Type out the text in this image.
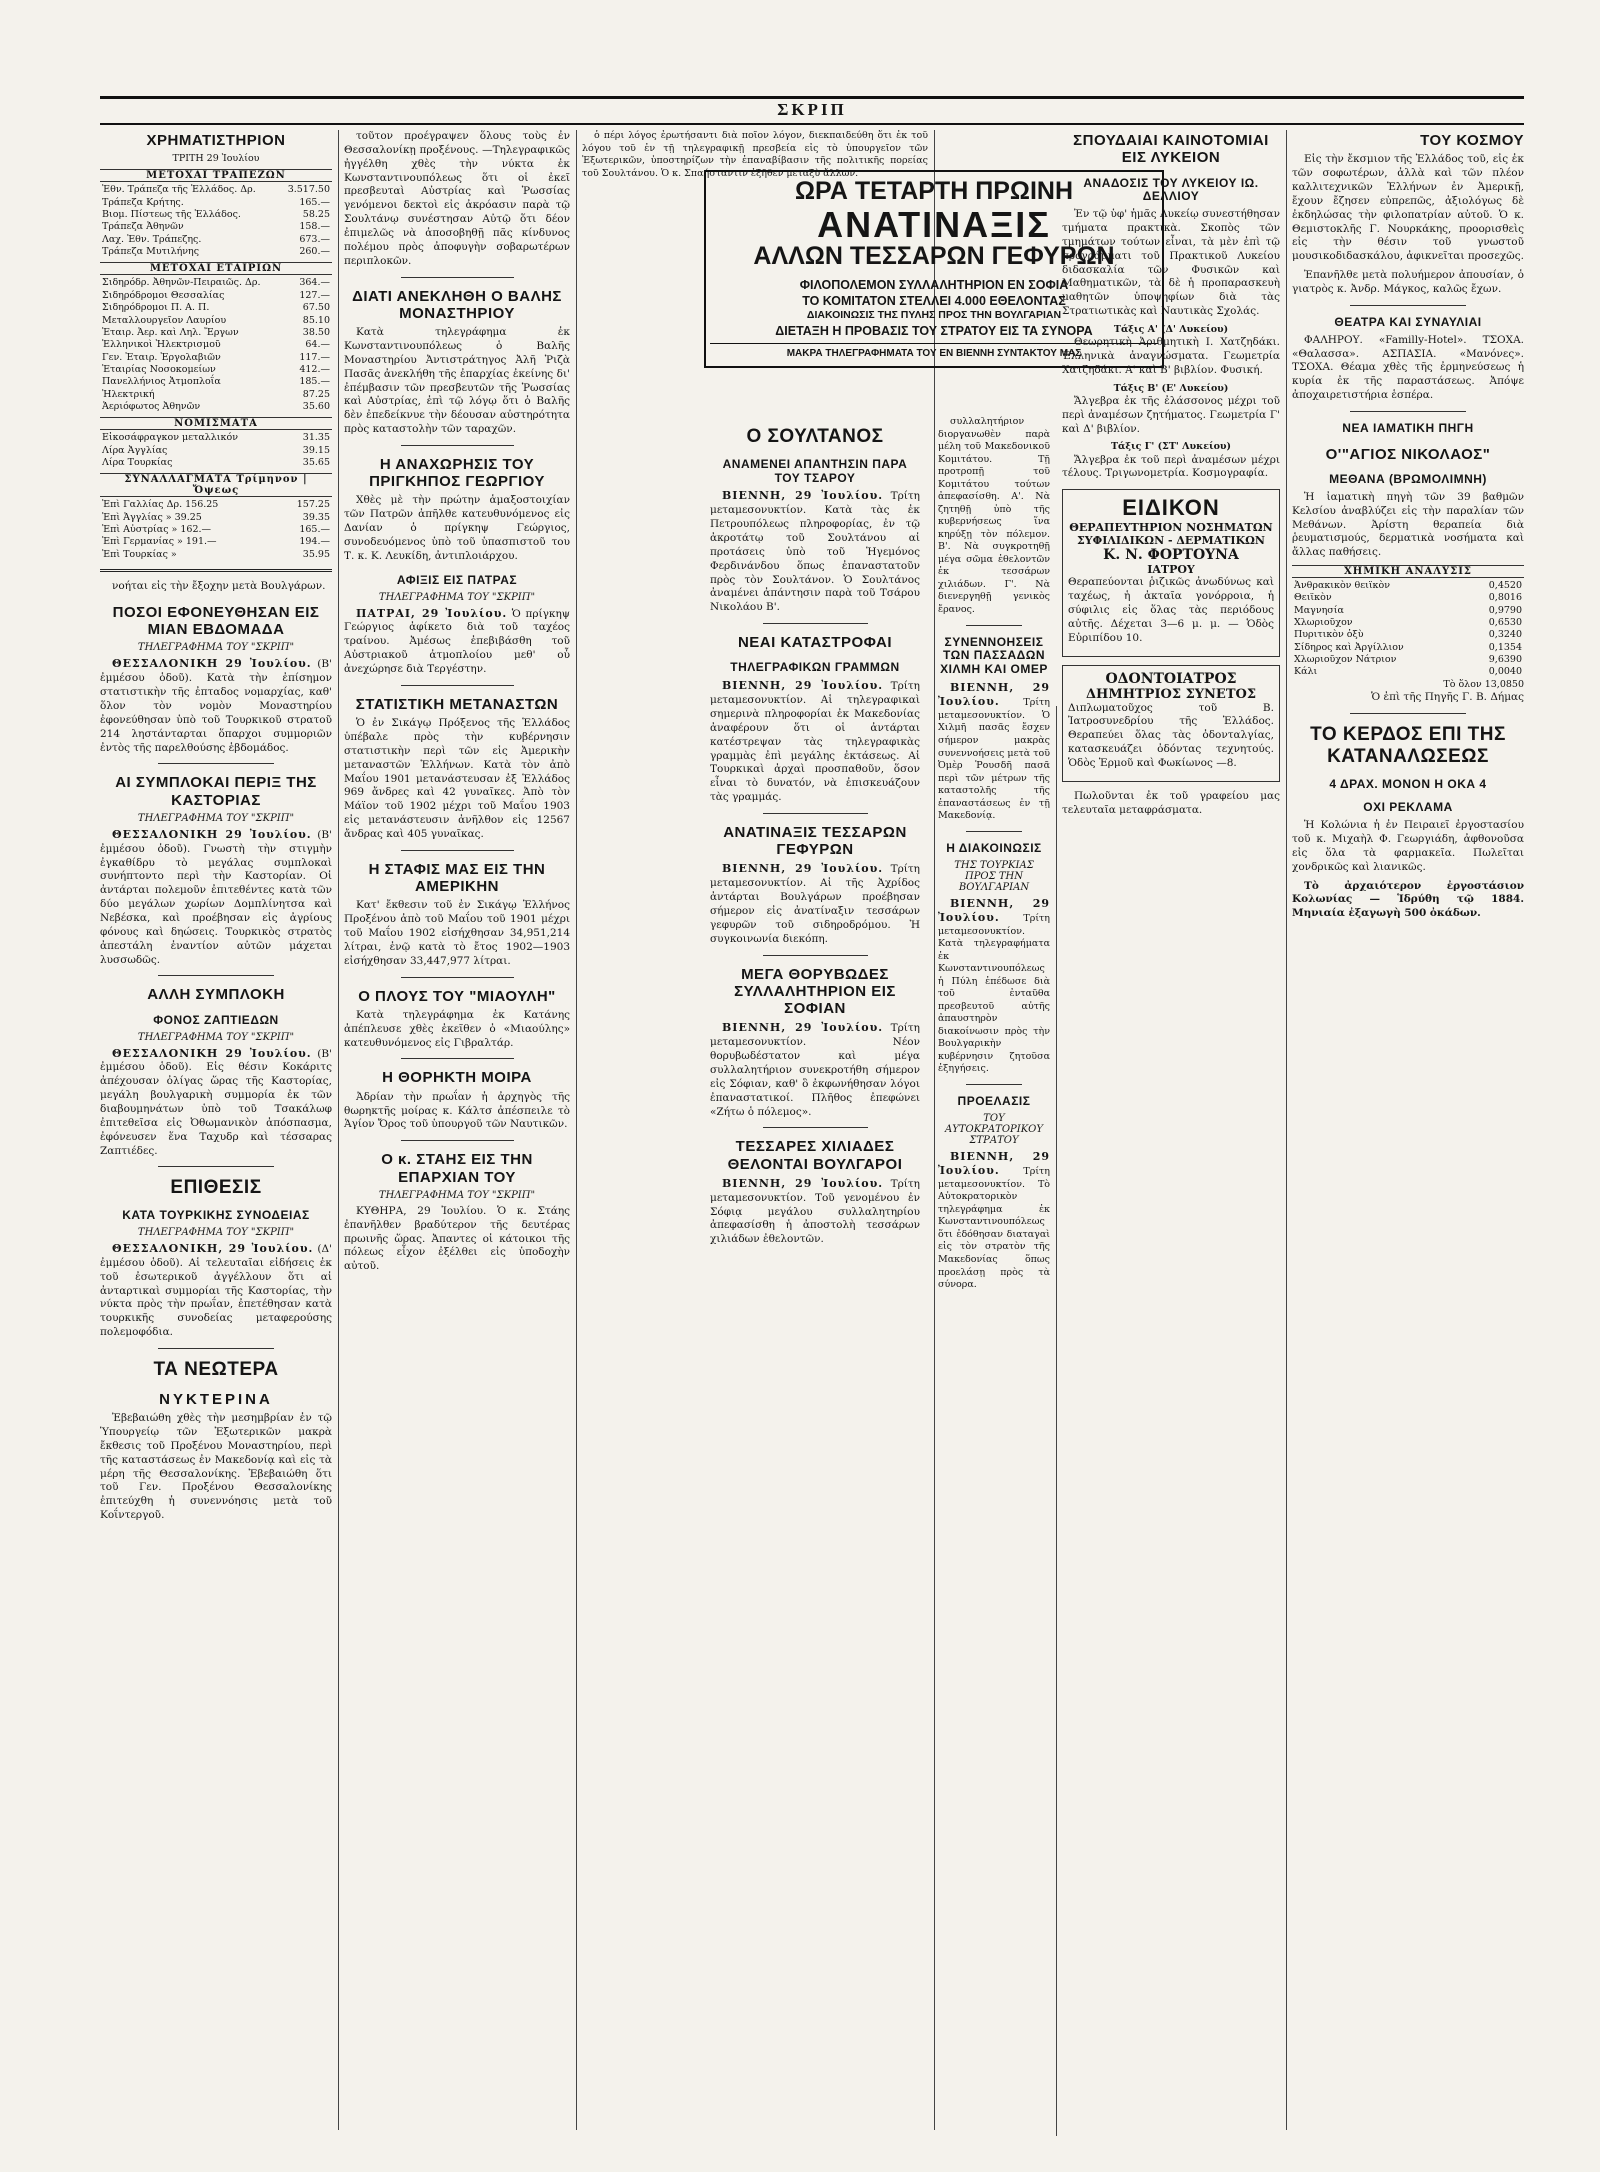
ΣΚΡΙΠ
ΧΡΗΜΑΤΙΣΤΗΡΙΟΝ
ΤΡΙΤΗ 29 Ἰουλίου
ΜΕΤΟΧΑΙ ΤΡΑΠΕΖΩΝ
Ἐθν. Τράπεζα τῆς Ἑλλάδος. Δρ.	3.517.50
Τράπεζα Κρήτης.	165.—
Βιομ. Πίστεως τῆς Ἑλλάδος.	58.25
Τράπεζα Ἀθηνῶν	158.—
Λαχ. Ἐθν. Τράπεζης.	673.—
Τράπεζα Μυτιλήνης	260.—
ΜΕΤΟΧΑΙ ΕΤΑΙΡΙΩΝ
Σιδηρόδρ. Ἀθηνῶν-Πειραιῶς. Δρ.	364.—
Σιδηρόδρομοι Θεσσαλίας	127.—
Σιδηρόδρομοι Π. Α. Π.	67.50
Μεταλλουργεῖον Λαυρίου	85.10
Ἐταιρ. Ἀερ. καὶ Ληλ. Ἔργων	38.50
Ἑλληνικοὶ Ἠλεκτρισμοῦ	64.—
Γεν. Ἐταιρ. Ἐργολαβιῶν	117.—
Ἐταιρίας Νοσοκομείων	412.—
Πανελλήνιος Ἀτμοπλοΐα	185.—
Ἠλεκτρική	87.25
Ἀεριόφωτος Ἀθηνῶν	35.60
ΝΟΜΙΣΜΑΤΑ
Εἰκοσάφραγκον μεταλλικόν	31.35
Λίρα Ἀγγλίας	39.15
Λίρα Τουρκίας	35.65
ΣΥΝΑΛΛΑΓΜΑΤΑ Τρίμηνον | Ὄψεως
Ἐπὶ Γαλλίας Δρ. 156.25	157.25
Ἐπὶ Ἀγγλίας » 39.25	39.35
Ἐπὶ Αὐστρίας » 162.—	165.—
Ἐπὶ Γερμανίας » 191.—	194.—
Ἐπὶ Τουρκίας »	35.95

νοήται εἰς τὴν ἔξοχην μετὰ Βουλγάρων.

ΠΟΣΟΙ ΕΦΟΝΕΥΘΗΣΑΝ ΕΙΣ ΜΙΑΝ ΕΒΔΟΜΑΔΑ
ΤΗΛΕΓΡΑΦΗΜΑ ΤΟΥ "ΣΚΡΙΠ"

ΘΕΣΣΑΛΟΝΙΚΗ 29 Ἰουλίου. (Β' ἐμμέσου ὁδοῦ). Κατὰ τὴν ἐπίσημον στατιστικὴν τῆς ἐπταδος νομαρχίας, καθ' ὅλον τὸν νομὸν Μοναστηρίου ἐφονεύθησαν ὑπὸ τοῦ Τουρκικοῦ στρατοῦ 214 ληστάνταρται ὅπαρχοι συμμοριῶν ἐντὸς τῆς παρελθούσης ἑβδομάδος.

ΑΙ ΣΥΜΠΛΟΚΑΙ ΠΕΡΙΞ ΤΗΣ ΚΑΣΤΟΡΙΑΣ
ΤΗΛΕΓΡΑΦΗΜΑ ΤΟΥ "ΣΚΡΙΠ"

ΘΕΣΣΑΛΟΝΙΚΗ 29 Ἰουλίου. (Β' ἐμμέσου ὁδοῦ). Γνωστὴ τὴν στιγμὴν ἐγκαθίδρυ τὸ μεγάλας συμπλοκαὶ συνήπτοντο περὶ τὴν Καστορίαν. Οἱ ἀντάρται πολεμοῦν ἐπιτεθέντες κατὰ τῶν δύο μεγάλων χωρίων Δομπλίνητσα καὶ Νεβέσκα, καὶ προέβησαν εἰς ἀγρίους φόνους καὶ δηώσεις. Τουρκικὸς στρατὸς ἀπεστάλη ἐναντίον αὐτῶν μάχεται λυσσωδῶς.

ΑΛΛΗ ΣΥΜΠΛΟΚΗ
ΦΟΝΟΣ ΖΑΠΤΙΕΔΩΝ
ΤΗΛΕΓΡΑΦΗΜΑ ΤΟΥ "ΣΚΡΙΠ"

ΘΕΣΣΑΛΟΝΙΚΗ 29 Ἰουλίου. (Β' ἐμμέσου ὁδοῦ). Εἰς θέσιν Κοκάριτς ἀπέχουσαν ὀλίγας ὥρας τῆς Καστορίας, μεγάλη βουλγαρικὴ συμμορία ἐκ τῶν διαβουμηνάτων ὑπὸ τοῦ Τσακάλωφ ἐπιτεθεῖσα εἰς Ὀθωμανικὸν ἀπόσπασμα, ἐφόνευσεν ἕνα Ταχυδρ καὶ τέσσαρας Ζαπτιέδες.

ΕΠΙΘΕΣΙΣ
ΚΑΤΑ ΤΟΥΡΚΙΚΗΣ ΣΥΝΟΔΕΙΑΣ
ΤΗΛΕΓΡΑΦΗΜΑ ΤΟΥ "ΣΚΡΙΠ"

ΘΕΣΣΑΛΟΝΙΚΗ, 29 Ἰουλίου. (Δ' ἐμμέσου ὁδοῦ). Αἱ τελευταῖαι εἰδήσεις ἐκ τοῦ ἐσωτερικοῦ ἀγγέλλουν ὅτι αἱ ἀνταρτικαὶ συμμορίαι τῆς Καστορίας, τὴν νύκτα πρὸς τὴν πρωΐαν, ἐπετέθησαν κατὰ τουρκικῆς συνοδείας μεταφερούσης πολεμοφόδια.

ΤΑ ΝΕΩΤΕΡΑ
ΝΥΚΤΕΡΙΝΑ

Ἐβεβαιώθη χθὲς τὴν μεσημβρίαν ἐν τῷ Ὑπουργείῳ τῶν Ἐξωτερικῶν μακρὰ ἔκθεσις τοῦ Προξένου Μοναστηρίου, περὶ τῆς καταστάσεως ἐν Μακεδονίᾳ καὶ εἰς τὰ μέρη τῆς Θεσσαλονίκης. Ἐβεβαιώθη ὅτι τοῦ Γεν. Προξένου Θεσσαλονίκης ἐπιτεύχθη ἡ συνεννόησις μετὰ τοῦ Κοΐντεργοῦ.

τοῦτον προέγραψεν ὅλους τοὺς ἐν Θεσσαλονίκῃ προξένους. —Τηλεγραφικῶς ἠγγέλθη χθὲς τὴν νύκτα ἐκ Κωνσταντινουπόλεως ὅτι οἱ ἐκεῖ πρεσβευταὶ Αὐστρίας καὶ Ῥωσσίας γενόμενοι δεκτοὶ εἰς ἀκρόασιν παρὰ τῷ Σουλτάνῳ συνέστησαν Αὐτῷ ὅτι δέον ἐπιμελῶς νὰ ἀποσοβηθῇ πᾶς κίνδυνος πολέμου πρὸς ἀποφυγὴν σοβαρωτέρων περιπλοκῶν.

ΔΙΑΤΙ ΑΝΕΚΛΗΘΗ Ο ΒΑΛΗΣ ΜΟΝΑΣΤΗΡΙΟΥ

Κατὰ τηλεγράφημα ἐκ Κωνσταντινουπόλεως ὁ Βαλῆς Μοναστηρίου Ἀντιστράτηγος Ἀλῆ Ῥιζὰ Πασᾶς ἀνεκλήθη τῆς ἐπαρχίας ἐκείνης δι' ἐπέμβασιν τῶν πρεσβευτῶν τῆς Ῥωσσίας καὶ Αὐστρίας, ἐπὶ τῷ λόγῳ ὅτι ὁ Βαλῆς δὲν ἐπεδείκνυε τὴν δέουσαν αὐστηρότητα πρὸς καταστολὴν τῶν ταραχῶν.

Η ΑΝΑΧΩΡΗΣΙΣ ΤΟΥ ΠΡΙΓΚΗΠΟΣ ΓΕΩΡΓΙΟΥ

Χθὲς μὲ τὴν πρώτην ἁμαξοστοιχίαν τῶν Πατρῶν ἀπῆλθε κατευθυνόμενος εἰς Δανίαν ὁ πρίγκηψ Γεώργιος, συνοδευόμενος ὑπὸ τοῦ ὑπασπιστοῦ του Τ. κ. Κ. Λευκίδη, ἀντιπλοιάρχου.

ΑΦΙΞΙΣ ΕΙΣ ΠΑΤΡΑΣ
ΤΗΛΕΓΡΑΦΗΜΑ ΤΟΥ "ΣΚΡΙΠ"

ΠΑΤΡΑΙ, 29 Ἰουλίου. Ὁ πρίγκηψ Γεώργιος ἀφίκετο διὰ τοῦ ταχέος τραίνου. Ἀμέσως ἐπεβιβάσθη τοῦ Αὐστριακοῦ ἀτμοπλοίου μεθ' οὗ ἀνεχώρησε διὰ Τεργέστην.

ΣΤΑΤΙΣΤΙΚΗ ΜΕΤΑΝΑΣΤΩΝ

Ὁ ἐν Σικάγῳ Πρόξενος τῆς Ἑλλάδος ὑπέβαλε πρὸς τὴν κυβέρνησιν στατιστικὴν περὶ τῶν εἰς Ἀμερικὴν μεταναστῶν Ἑλλήνων. Κατὰ τὸν ἀπὸ Μαΐου 1901 μετανάστευσαν ἐξ Ἑλλάδος 969 ἄνδρες καὶ 42 γυναῖκες. Ἀπὸ τὸν Μάϊον τοῦ 1902 μέχρι τοῦ Μαΐου 1903 εἰς μετανάστευσιν ἀνῆλθον εἰς 12567 ἄνδρας καὶ 405 γυναῖκας.

Η ΣΤΑΦΙΣ ΜΑΣ ΕΙΣ ΤΗΝ ΑΜΕΡΙΚΗΝ

Κατ' ἔκθεσιν τοῦ ἐν Σικάγῳ Ἑλλήνος Προξένου ἀπὸ τοῦ Μαΐου τοῦ 1901 μέχρι τοῦ Μαΐου 1902 εἰσήχθησαν 34,951,214 λίτραι, ἐνῷ κατὰ τὸ ἔτος 1902—1903 εἰσήχθησαν 33,447,977 λίτραι.

Ο ΠΛΟΥΣ ΤΟΥ "ΜΙΑΟΥΛΗ"

Κατὰ τηλεγράφημα ἐκ Κατάνης ἀπέπλευσε χθὲς ἐκεῖθεν ὁ «Μιαούλης» κατευθυνόμενος εἰς Γιβραλτάρ.

Η ΘΟΡΗΚΤΗ ΜΟΙΡΑ

Ἀδρίαν τὴν πρωΐαν ἡ ἀρχηγὸς τῆς θωρηκτῆς μοίρας κ. Κάλτσ ἀπέσπειλε τὸ Ἁγίον Ὄρος τοῦ ὑπουργοῦ τῶν Ναυτικῶν.

Ο κ. ΣΤΑΗΣ ΕΙΣ ΤΗΝ ΕΠΑΡΧΙΑΝ ΤΟΥ
ΤΗΛΕΓΡΑΦΗΜΑ ΤΟΥ "ΣΚΡΙΠ"

ΚΥΘΗΡΑ, 29 Ἰουλίου. Ὁ κ. Στάης ἐπανῆλθεν βραδύτερον τῆς δευτέρας πρωινῆς ὥρας. Ἀπαντες οἱ κάτοικοι τῆς πόλεως εἶχον ἐξέλθει εἰς ὑποδοχὴν αὐτοῦ.

ὁ πέρι λόγος ἐρωτήσαντι διὰ ποῖον λόγον, διεκπαιδεύθη ὅτι ἐκ τοῦ λόγου τοῦ ἐν τῇ τηλεγραφικῇ πρεσβεία εἰς τὸ ὑπουργεῖον τῶν Ἐξωτερικῶν, ὑποστηρίζων τὴν ἐπαναβίβασιν τῆς πολιτικῆς πορείας τοῦ Σουλτάνου. Ὁ κ. Σπαήσταντιν ἐξῆθεν μεταξὺ ἄλλων.

ΩΡΑ ΤΕΤΑΡΤΗ ΠΡΩΙΝΗ
ΑΝΑΤΙΝΑΞΙΣ
ΑΛΛΩΝ ΤΕΣΣΑΡΩΝ ΓΕΦΥΡΩΝ
ΦΙΛΟΠΟΛΕΜΟΝ ΣΥΛΛΑΛΗΤΗΡΙΟΝ ΕΝ ΣΟΦΙΑ
ΤΟ ΚΟΜΙΤΑΤΟΝ ΣΤΕΛΛΕΙ 4.000 ΕΘΕΛΟΝΤΑΣ
ΔΙΑΚΟΙΝΩΣΙΣ ΤΗΣ ΠΥΛΗΣ ΠΡΟΣ ΤΗΝ ΒΟΥΛΓΑΡΙΑΝ
ΔΙΕΤΑΞΗ Η ΠΡΟΒΑΣΙΣ ΤΟΥ ΣΤΡΑΤΟΥ ΕΙΣ ΤΑ ΣΥΝΟΡΑ
ΜΑΚΡΑ ΤΗΛΕΓΡΑΦΗΜΑΤΑ ΤΟΥ ΕΝ ΒΙΕΝΝΗ ΣΥΝΤΑΚΤΟΥ ΜΑΣ
Ο ΣΟΥΛΤΑΝΟΣ
ΑΝΑΜΕΝΕΙ ΑΠΑΝΤΗΣΙΝ ΠΑΡΑ ΤΟΥ ΤΣΑΡΟΥ

ΒΙΕΝΝΗ, 29 Ἰουλίου. Τρίτη μεταμεσονυκτίον. Κατὰ τὰς ἐκ Πετρουπόλεως πληροφορίας, ἐν τῷ ἀκροτάτῳ τοῦ Σουλτάνου αἱ προτάσεις ὑπὸ τοῦ Ἡγεμόνος Φερδινάνδου ὅπως ἐπαναστατοῦν πρὸς τὸν Σουλτάνον. Ὁ Σουλτάνος ἀναμένει ἀπάντησιν παρὰ τοῦ Τσάρου Νικολάου Β'.

ΝΕΑΙ ΚΑΤΑΣΤΡΟΦΑΙ
ΤΗΛΕΓΡΑΦΙΚΩΝ ΓΡΑΜΜΩΝ

ΒΙΕΝΝΗ, 29 Ἰουλίου. Τρίτη μεταμεσονυκτίον. Αἱ τηλεγραφικαὶ σημερινὰ πληροφορίαι ἐκ Μακεδονίας ἀναφέρουν ὅτι οἱ ἀντάρται κατέστρεψαν τὰς τηλεγραφικὰς γραμμὰς ἐπὶ μεγάλης ἐκτάσεως. Αἱ Τουρκικαὶ ἀρχαὶ προσπαθοῦν, ὅσον εἶναι τὸ δυνατόν, νὰ ἐπισκευάζουν τὰς γραμμάς.

ΑΝΑΤΙΝΑΞΙΣ ΤΕΣΣΑΡΩΝ ΓΕΦΥΡΩΝ

ΒΙΕΝΝΗ, 29 Ἰουλίου. Τρίτη μεταμεσονυκτίον. Αἱ τῆς Ἀχρίδος ἀντάρται Βουλγάρων προέβησαν σήμερον εἰς ἀνατίναξιν τεσσάρων γεφυρῶν τοῦ σιδηροδρόμου. Ἡ συγκοινωνία διεκόπη.

ΜΕΓΑ ΘΟΡΥΒΩΔΕΣ ΣΥΛΛΑΛΗΤΗΡΙΟΝ ΕΙΣ ΣΟΦΙΑΝ

ΒΙΕΝΝΗ, 29 Ἰουλίου. Τρίτη μεταμεσονυκτίον. Νέον θορυβωδέστατον καὶ μέγα συλλαλητήριον συνεκροτήθη σήμερον εἰς Σόφιαν, καθ' ὃ ἐκφωνήθησαν λόγοι ἐπαναστατικοί. Πλῆθος ἐπεφώνει «Ζήτω ὁ πόλεμος».

ΤΕΣΣΑΡΕΣ ΧΙΛΙΑΔΕΣ ΘΕΛΟΝΤΑΙ ΒΟΥΛΓΑΡΟΙ

ΒΙΕΝΝΗ, 29 Ἰουλίου. Τρίτη μεταμεσονυκτίον. Τοῦ γενομένου ἐν Σόφιᾳ μεγάλου συλλαλητηρίου ἀπεφασίσθη ἡ ἀποστολὴ τεσσάρων χιλιάδων ἐθελοντῶν.

συλλαλητήριον διοργανωθὲν παρὰ μέλη τοῦ Μακεδονικοῦ Κομιτάτου. Τῇ προτροπῇ τοῦ Κομιτάτου τούτων ἀπεφασίσθη. Α'. Νὰ ζητηθῇ ὑπὸ τῆς κυβερνήσεως ἵνα κηρύξῃ τὸν πόλεμον. Β'. Νὰ συγκροτηθῇ μέγα σῶμα ἐθελοντῶν ἐκ τεσσάρων χιλιάδων. Γ'. Νὰ διενεργηθῇ γενικὸς ἔρανος.

ΣΥΝΕΝΝΟΗΣΕΙΣ ΤΩΝ ΠΑΣΣΑΔΩΝ ΧΙΛΜΗ ΚΑΙ ΟΜΕΡ

ΒΙΕΝΝΗ, 29 Ἰουλίου. Τρίτη μεταμεσονυκτίον. Ὁ Χιλμῆ πασᾶς ἔσχεν σήμερον μακρὰς συνεννοήσεις μετὰ τοῦ Ὀμὲρ Ῥουσδῆ πασᾶ περὶ τῶν μέτρων τῆς καταστολῆς τῆς ἐπαναστάσεως ἐν τῇ Μακεδονίᾳ.

Η ΔΙΑΚΟΙΝΩΣΙΣ
ΤΗΣ ΤΟΥΡΚΙΑΣ ΠΡΟΣ ΤΗΝ ΒΟΥΛΓΑΡΙΑΝ

ΒΙΕΝΝΗ, 29 Ἰουλίου. Τρίτη μεταμεσονυκτίον. Κατὰ τηλεγραφήματα ἐκ Κωνσταντινουπόλεως ἡ Πύλη ἐπέδωσε διὰ τοῦ ἐνταῦθα πρεσβευτοῦ αὐτῆς ἀπαυστηρὸν διακοίνωσιν πρὸς τὴν Βουλγαρικὴν κυβέρνησιν ζητοῦσα ἐξηγήσεις.

ΠΡΟΕΛΑΣΙΣ
ΤΟΥ ΑΥΤΟΚΡΑΤΟΡΙΚΟΥ ΣΤΡΑΤΟΥ

ΒΙΕΝΝΗ, 29 Ἰουλίου. Τρίτη μεταμεσονυκτίον. Τὸ Αὐτοκρατορικὸν τηλεγράφημα ἐκ Κωνσταντινουπόλεως ὅτι ἐδόθησαν διαταγαὶ εἰς τὸν στρατὸν τῆς Μακεδονίας ὅπως προελάσῃ πρὸς τὰ σύνορα.

ΣΠΟΥΔΑΙΑΙ ΚΑΙΝΟΤΟΜΙΑΙ ΕΙΣ ΛΥΚΕΙΟΝ
ΑΝΑΔΟΣΙΣ ΤΟΥ ΛΥΚΕΙΟΥ ΙΩ. ΔΕΛΛΙΟΥ

Ἐν τῷ ὑφ' ἡμᾶς Λυκείῳ συνεστήθησαν τμήματα πρακτικὰ. Σκοπὸς τῶν τμημάτων τούτων εἶναι, τὰ μὲν ἐπὶ τῷ προγράμματι τοῦ Πρακτικοῦ Λυκείου διδασκαλία τῶν Φυσικῶν καὶ Μαθηματικῶν, τὰ δὲ ἡ προπαρασκευὴ μαθητῶν ὑποψηφίων διὰ τὰς Στρατιωτικὰς καὶ Ναυτικὰς Σχολάς.

Τάξις Α' (Δ' Λυκείου)

Θεωρητικὴ Ἀριθμητικὴ Ι. Χατζηδάκι. Ἑλληνικὰ ἀναγνώσματα. Γεωμετρία Χατζηδάκι. Α' καὶ Β' βιβλίον. Φυσική.

Τάξις Β' (Ε' Λυκείου)

Ἄλγεβρα ἐκ τῆς ἐλάσσονος μέχρι τοῦ περὶ ἀναμέσων ζητήματος. Γεωμετρία Γ' καὶ Δ' βιβλίον.

Τάξις Γ' (ΣΤ' Λυκείου)

Ἄλγεβρα ἐκ τοῦ περὶ ἀναμέσων μέχρι τέλους. Τριγωνομετρία. Κοσμογραφία.

ΕΙΔΙΚΟΝ
ΘΕΡΑΠΕΥΤΗΡΙΟΝ ΝΟΣΗΜΑΤΩΝ
ΣΥΦΙΛΙΔΙΚΩΝ - ΔΕΡΜΑΤΙΚΩΝ
Κ. Ν. ΦΟΡΤΟΥΝΑ
ΙΑΤΡΟΥ

Θεραπεύονται ῥιζικῶς ἀνωδύνως καὶ ταχέως, ἡ ἀκταῖα γονόρροια, ἡ σύφιλις εἰς ὅλας τὰς περιόδους αὐτῆς. Δέχεται 3—6 μ. μ. — Ὁδὸς Εὐριπίδου 10.

ΟΔΟΝΤΟΙΑΤΡΟΣ
ΔΗΜΗΤΡΙΟΣ ΣΥΝΕΤΟΣ

Διπλωματοῦχος τοῦ Β. Ἰατροσυνεδρίου τῆς Ἑλλάδος. Θεραπεύει ὅλας τὰς ὀδονταλγίας, κατασκευάζει ὀδόντας τεχνητούς. Ὁδὸς Ἑρμοῦ καὶ Φωκίωνος —8.

Πωλοῦνται ἐκ τοῦ γραφείου μας τελευταῖα μεταφράσματα.

ΤΟΥ ΚΟΣΜΟΥ

Εἰς τὴν ἔκσμιον τῆς Ἑλλάδος τοῦ, εἰς ἐκ τῶν σοφωτέρων, ἀλλὰ καὶ τῶν πλέον καλλιτεχνικῶν Ἑλλήνων ἐν Ἀμερικῇ, ἔχουν ἔζησεν εὐπρεπῶς, ἀξιολόγως δὲ ἐκδηλώσας τὴν φιλοπατρίαν αὐτοῦ. Ὁ κ. Θεμιστοκλῆς Γ. Νουρκάκης, προορισθεὶς εἰς τὴν θέσιν τοῦ γνωστοῦ μουσικοδιδασκάλου, ἀφικνεῖται προσεχῶς.

Ἐπανῆλθε μετὰ πολυήμερον ἀπουσίαν, ὁ γιατρὸς κ. Ἀνδρ. Μάγκος, καλῶς ἔχων.

ΘΕΑΤΡΑ ΚΑΙ ΣΥΝΑΥΛΙΑΙ

ΦΑΛΗΡΟΥ. «Familly-Hotel». ΤΣΟΧΑ. «Θαλασσα». ΑΣΠΑΣΙΑ. «Μανόνες». ΤΣΟΧΑ. Θέαμα χθὲς τῆς ἐρμηνεύσεως ἡ κυρία ἐκ τῆς παραστάσεως. Ἀπόψε ἀποχαιρετιστήρια ἑσπέρα.

ΝΕΑ ΙΑΜΑΤΙΚΗ ΠΗΓΗ
Ο'"ΑΓΙΟΣ ΝΙΚΟΛΑΟΣ"
ΜΕΘΑΝΑ (ΒΡΩΜΟΛΙΜΝΗ)

Ἡ ἰαματικὴ πηγὴ τῶν 39 βαθμῶν Κελσίου ἀναβλύζει εἰς τὴν παραλίαν τῶν Μεθάνων. Ἀρίστη θεραπεία διὰ ῥευματισμούς, δερματικὰ νοσήματα καὶ ἄλλας παθήσεις.

ΧΗΜΙΚΗ ΑΝΑΛΥΣΙΣ
Ἀνθρακικὸν θειϊκὸν	0,4520
Θειϊκὸν	0,8016
Μαγνησία	0,9790
Χλωριοῦχον	0,6530
Πυριτικὸν ὀξὺ	0,3240
Σίδηρος καὶ Ἀργίλλιον	0,1354
Χλωριοῦχον Νάτριον	9,6390
Κάλι	0,0040
Τὸ ὅλον 13,0850

Ὁ ἐπὶ τῆς Πηγῆς Γ. Β. Δήμας

ΤΟ ΚΕΡΔΟΣ ΕΠΙ ΤΗΣ ΚΑΤΑΝΑΛΩΣΕΩΣ
4 ΔΡΑΧ. ΜΟΝΟΝ Η ΟΚΑ 4
ΟΧΙ ΡΕΚΛΑΜΑ

Ἡ Κολώνια ἡ ἐν Πειραιεῖ ἐργοστασίου τοῦ κ. Μιχαὴλ Φ. Γεωργιάδη, ἀφθονοῦσα εἰς ὅλα τὰ φαρμακεῖα. Πωλεῖται χονδρικῶς καὶ λιανικῶς.

Τὸ ἀρχαιότερον ἐργοστάσιον Κολωνίας — Ἱδρύθη τῷ 1884. Μηνιαία ἐξαγωγὴ 500 ὀκάδων.
